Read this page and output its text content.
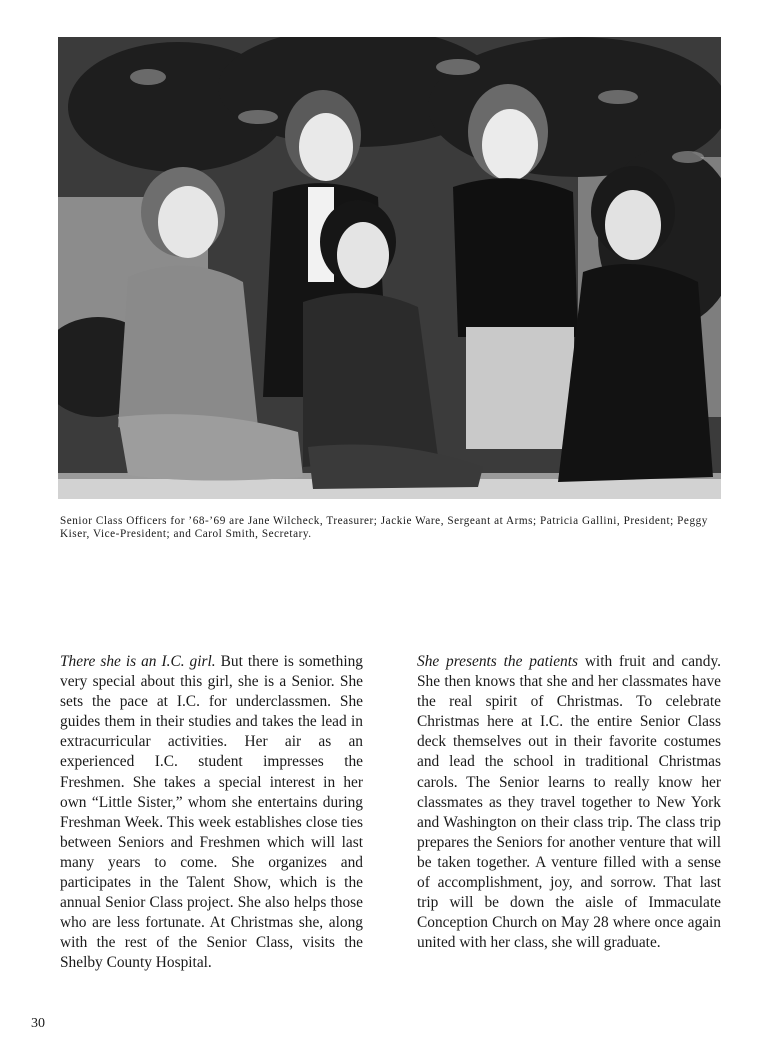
Senior Class Officers for ’68-’69 are Jane Wilcheck, Treasurer; Jackie Ware, Sergeant at Arms; Patricia Gallini, President; Peggy Kiser, Vice-President; and Carol Smith, Secretary.

There she is an I.C. girl. But there is something very special about this girl, she is a Senior. She sets the pace at I.C. for underclassmen. She guides them in their studies and takes the lead in extracurricular activities. Her air as an experienced I.C. student impresses the Freshmen. She takes a special interest in her own “Little Sister,” whom she entertains during Freshman Week. This week establishes close ties between Seniors and Freshmen which will last many years to come. She organizes and participates in the Talent Show, which is the annual Senior Class project. She also helps those who are less fortunate. At Christmas she, along with the rest of the Senior Class, visits the Shelby County Hospital.

She presents the patients with fruit and candy. She then knows that she and her classmates have the real spirit of Christmas. To celebrate Christmas here at I.C. the entire Senior Class deck themselves out in their favorite costumes and lead the school in traditional Christmas carols. The Senior learns to really know her classmates as they travel together to New York and Washington on their class trip. The class trip prepares the Seniors for another venture that will be taken together. A venture filled with a sense of accomplishment, joy, and sorrow. That last trip will be down the aisle of Immaculate Conception Church on May 28 where once again united with her class, she will graduate.

30
